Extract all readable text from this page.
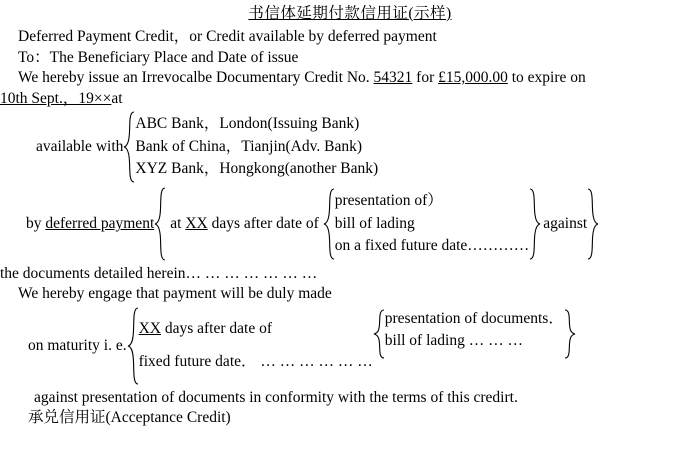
书信体延期付款信用证(示样)
Deferred Payment Credit，or Credit available by deferred payment
To：The Beneficiary Place and Date of issue
We hereby issue an Irrevocalbe Documentary Credit No. 54321 for £15,000.00 to expire on
10th Sept.，19××at
available with
ABC Bank，London(Issuing Bank)
Bank of China，Tianjin(Adv. Bank)
XYZ Bank，Hongkong(another Bank)
by deferred payment at XX days after date of
presentation of）
bill of lading
on a fixed future date…………
against
the documents detailed herein… … … … … … …
We hereby engage that payment will be duly made
on maturity i. e.
XX days after date of
fixed future date． … … … … … …
presentation of documents．
bill of lading … … …
against presentation of documents in conformity with the terms of this credirt.
承兑信用证(Acceptance Credit)
